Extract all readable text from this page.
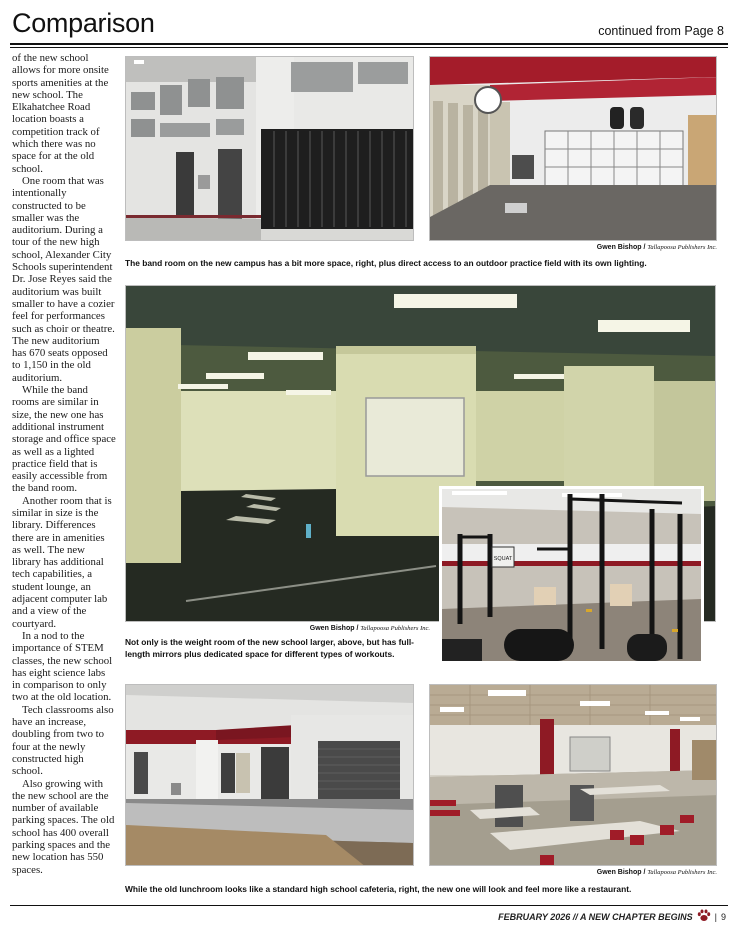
Comparison	continued from Page 8

of the new school allows for more onsite sports amenities at the new school. The Elkahatchee Road location boasts a competition track of which there was no space for at the old school.

One room that was intentionally constructed to be smaller was the auditorium. During a tour of the new high school, Alexander City Schools superintendent Dr. Jose Reyes said the auditorium was built smaller to have a cozier feel for performances such as choir or theatre. The new auditorium has 670 seats opposed to 1,150 in the old auditorium.

While the band rooms are similar in size, the new one has additional instrument storage and office space as well as a lighted practice field that is easily accessible from the band room.

Another room that is similar in size is the library. Differences there are in amenities as well. The new library has additional tech capabilities, a student lounge, an adjacent computer lab and a view of the courtyard.

In a nod to the importance of STEM classes, the new school has eight science labs in comparison to only two at the old location.

Tech classrooms also have an increase, doubling from two to four at the newly constructed high school.

Also growing with the new school are the number of available parking spaces. The old school has 400 overall parking spaces and the new location has 550 spaces.

Gwen Bishop / Tallapoosa Publishers Inc.
The band room on the new campus has a bit more space, right, plus direct access to an outdoor practice field with its own lighting.
Gwen Bishop / Tallapoosa Publishers Inc.
Not only is the weight room of the new school larger, above, but has full-length mirrors plus dedicated space for different types of workouts.
SQUAT
Gwen Bishop / Tallapoosa Publishers Inc.
While the old lunchroom looks like a standard high school cafeteria, right, the new one will look and feel more like a restaurant.
FEBRUARY 2026 // A NEW CHAPTER BEGINS | 9
